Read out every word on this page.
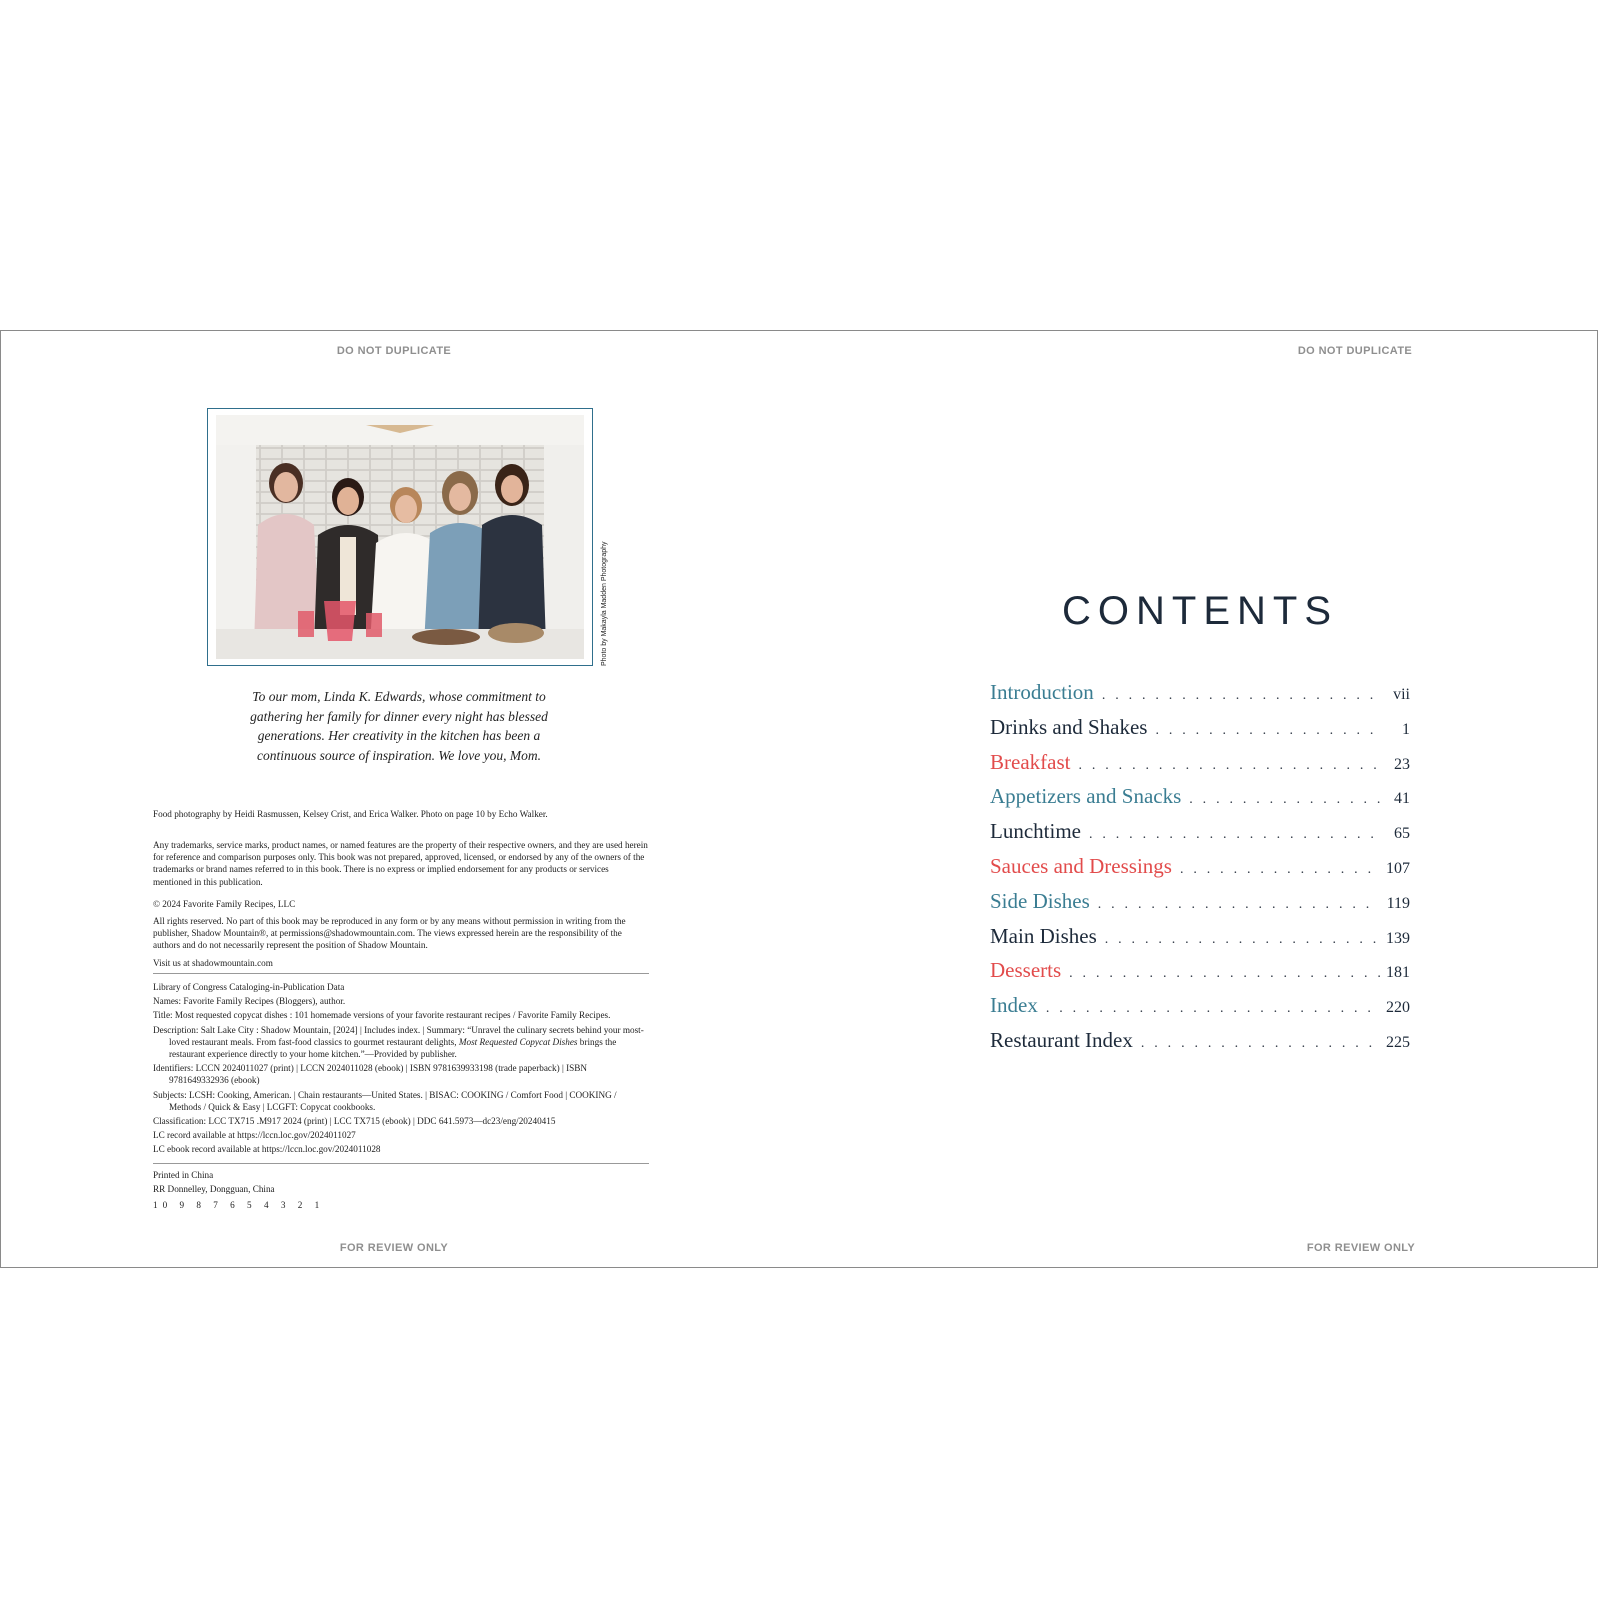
DO NOT DUPLICATE
Photo by Makayla Madden Photography
To our mom, Linda K. Edwards, whose commitment to gathering her family for dinner every night has blessed generations. Her creativity in the kitchen has been a continuous source of inspiration. We love you, Mom.

Food photography by Heidi Rasmussen, Kelsey Crist, and Erica Walker. Photo on page 10 by Echo Walker.

Any trademarks, service marks, product names, or named features are the property of their respective owners, and they are used herein for reference and comparison purposes only. This book was not prepared, approved, licensed, or endorsed by any of the owners of the trademarks or brand names referred to in this book. There is no express or implied endorsement for any products or services mentioned in this publication.

© 2024 Favorite Family Recipes, LLC

All rights reserved. No part of this book may be reproduced in any form or by any means without permission in writing from the publisher, Shadow Mountain®, at permissions@shadowmountain.com. The views expressed herein are the responsibility of the authors and do not necessarily represent the position of Shadow Mountain.

Visit us at shadowmountain.com

Library of Congress Cataloging-in-Publication Data

Names: Favorite Family Recipes (Bloggers), author.

Title: Most requested copycat dishes : 101 homemade versions of your favorite restaurant recipes / Favorite Family Recipes.

Description: Salt Lake City : Shadow Mountain, [2024] | Includes index. | Summary: “Unravel the culinary secrets behind your most-loved restaurant meals. From fast-food classics to gourmet restaurant delights, Most Requested Copycat Dishes brings the restaurant experience directly to your home kitchen.”—Provided by publisher.

Identifiers: LCCN 2024011027 (print) | LCCN 2024011028 (ebook) | ISBN 9781639933198 (trade paperback) | ISBN 9781649332936 (ebook)

Subjects: LCSH: Cooking, American. | Chain restaurants—United States. | BISAC: COOKING / Comfort Food | COOKING / Methods / Quick & Easy | LCGFT: Copycat cookbooks.

Classification: LCC TX715 .M917 2024 (print) | LCC TX715 (ebook) | DDC 641.5973—dc23/eng/20240415

LC record available at https://lccn.loc.gov/2024011027

LC ebook record available at https://lccn.loc.gov/2024011028

Printed in China

RR Donnelley, Dongguan, China

10 9 8 7 6 5 4 3 2 1

FOR REVIEW ONLY
DO NOT DUPLICATE
CONTENTS
Introduction . . .	vii
Drinks and Shakes . . .	1
Breakfast . . .	23
Appetizers and Snacks . . .	41
Lunchtime . . .	65
Sauces and Dressings . . .	107
Side Dishes . . .	119
Main Dishes . . .	139
Desserts . . .	181
Index . . .	220
Restaurant Index . . .	225
FOR REVIEW ONLY
